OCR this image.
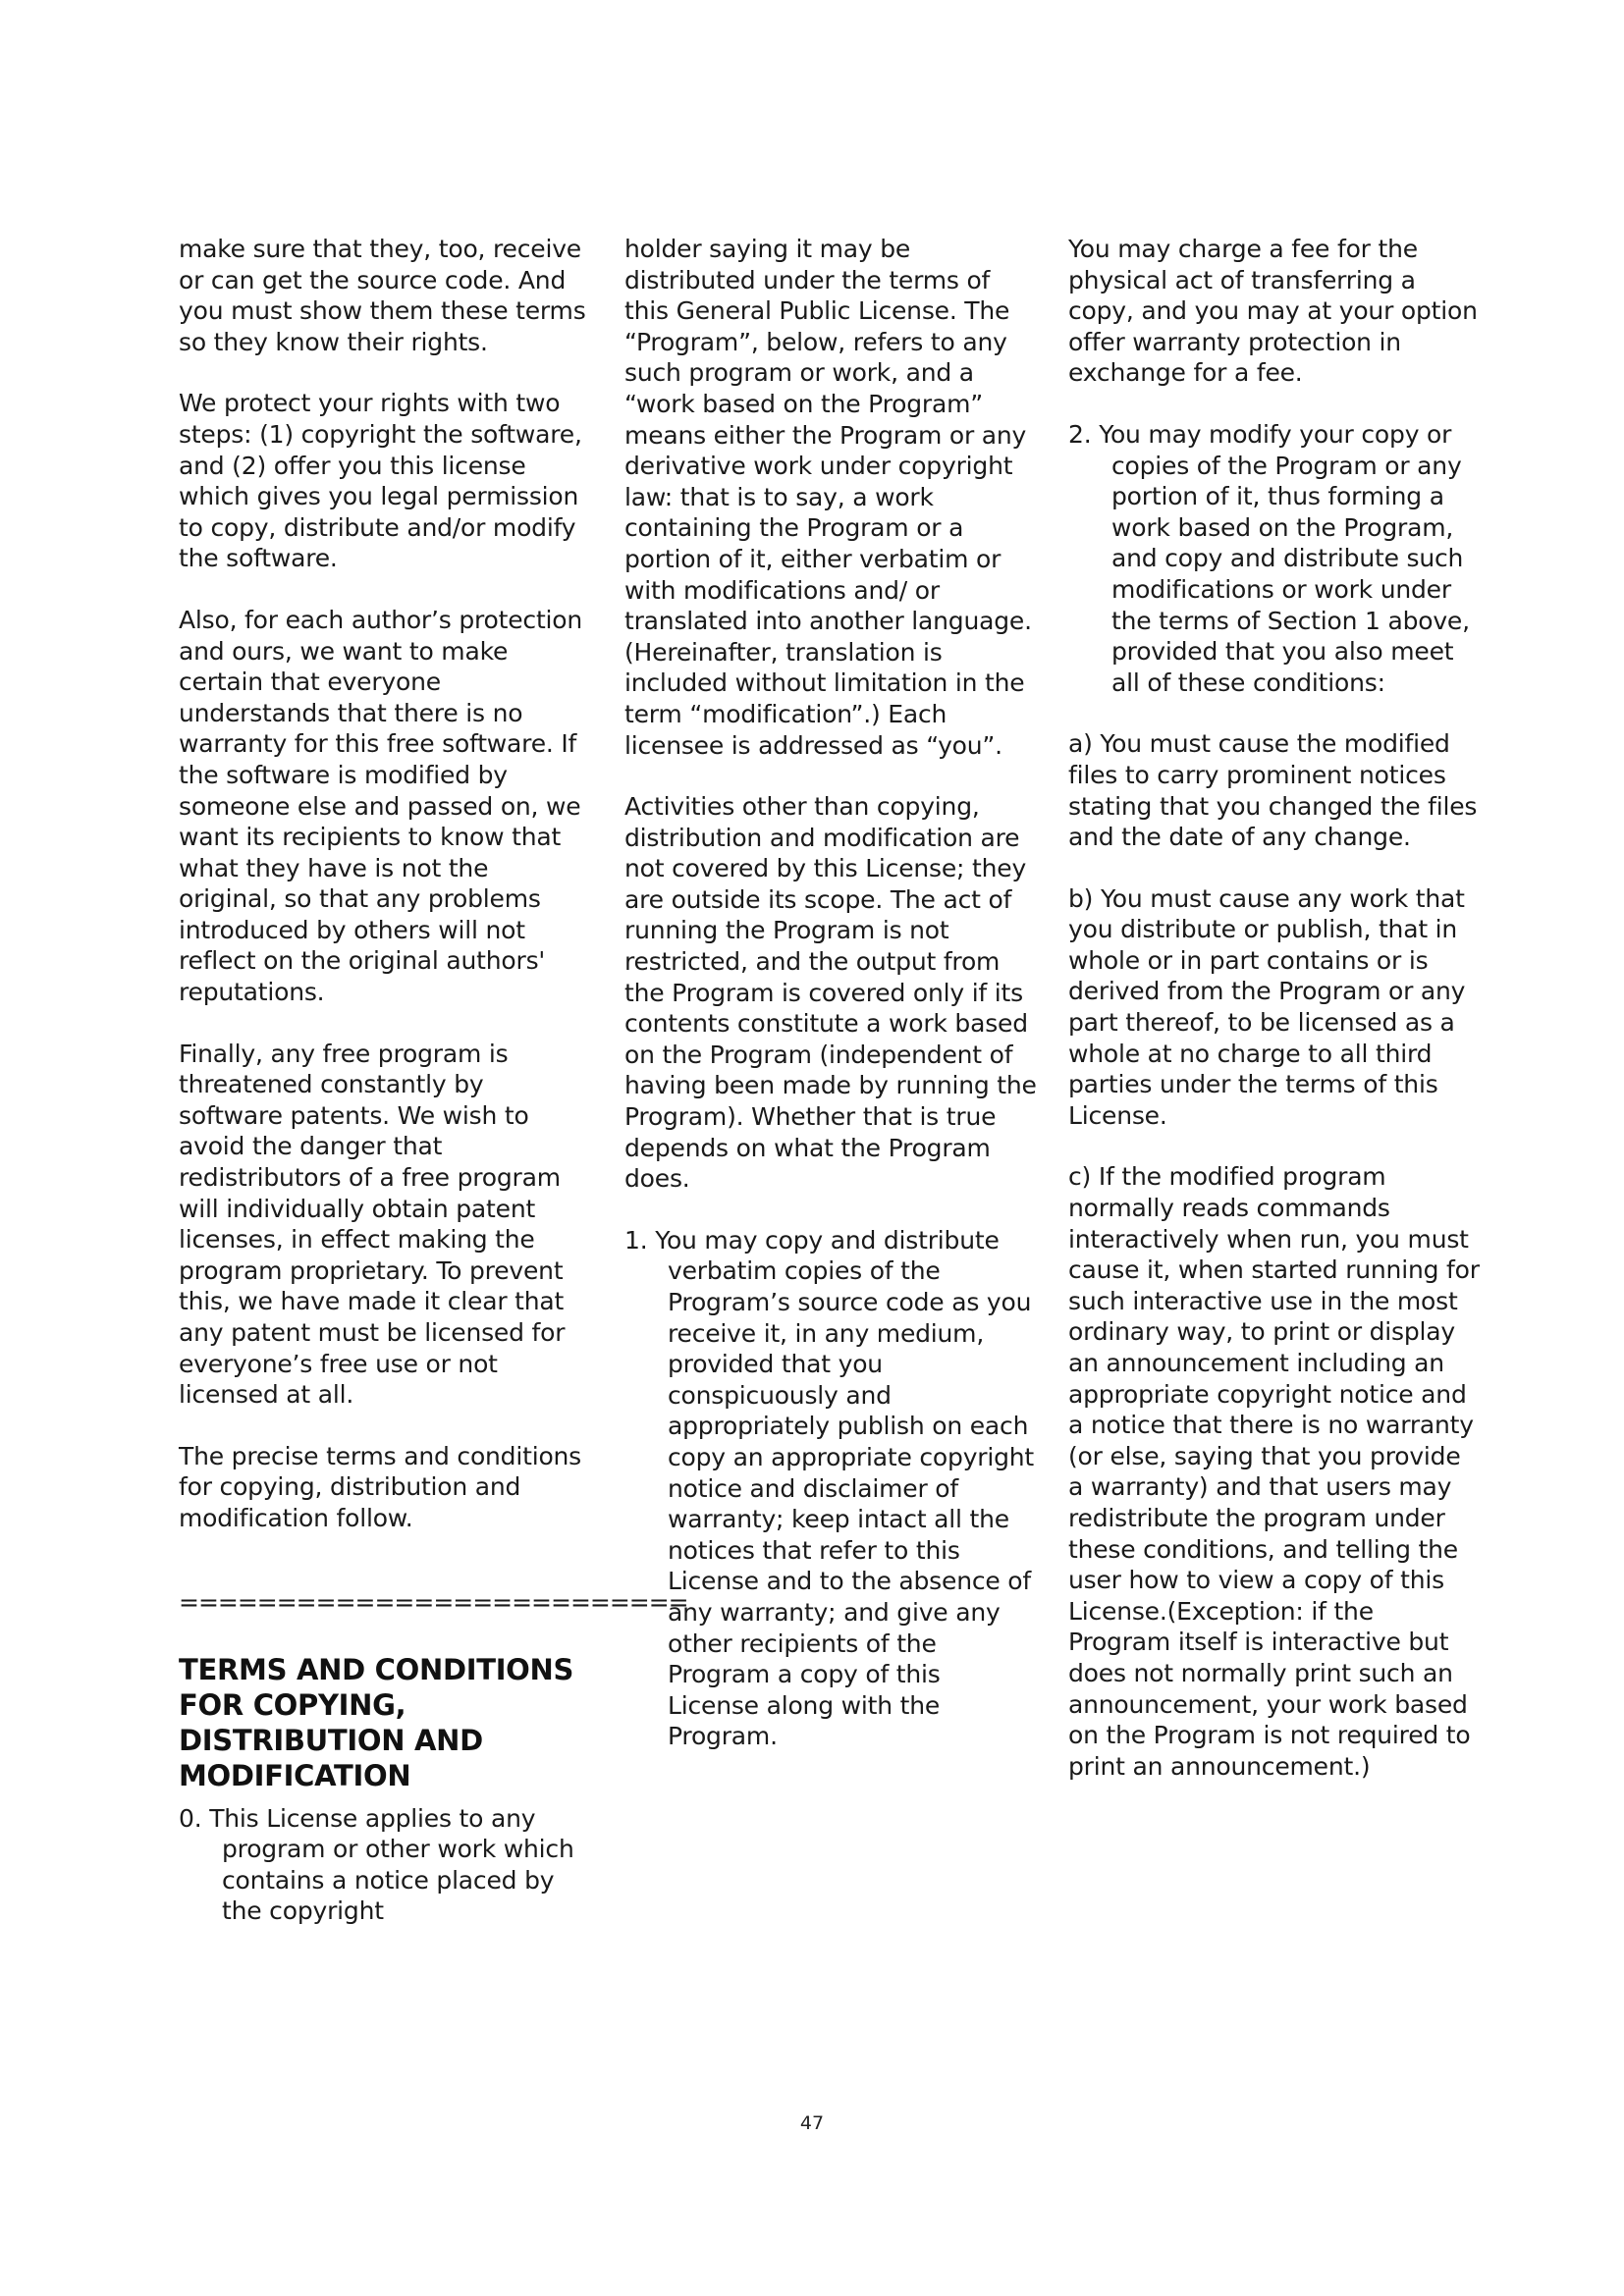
make sure that they, too, receive or can get the source code. And you must show them these terms so they know their rights.

We protect your rights with two steps: (1) copyright the software, and (2) offer you this license which gives you legal permission to copy, distribute and/or modify the software.

Also, for each author’s protection and ours, we want to make certain that everyone understands that there is no warranty for this free software. If the software is modified by someone else and passed on, we want its recipients to know that what they have is not the original, so that any problems introduced by others will not reflect on the original authors' reputations.

Finally, any free program is threatened constantly by software patents. We wish to avoid the danger that redistributors of a free program will individually obtain patent licenses, in effect making the program proprietary. To prevent this, we have made it clear that any patent must be licensed for everyone’s free use or not licensed at all.

The precise terms and conditions for copying, distribution and modification follow.

==========================
TERMS AND CONDITIONS FOR COPYING, DISTRIBUTION AND MODIFICATION

0. This License applies to any program or other work which contains a notice placed by the copyright

holder saying it may be distributed under the terms of this General Public License. The “Program”, below, refers to any such program or work, and a “work based on the Program” means either the Program or any derivative work under copyright law: that is to say, a work containing the Program or a portion of it, either verbatim or with modifications and/ or translated into another language. (Hereinafter, translation is included without limitation in the term “modification”.) Each licensee is addressed as “you”.

Activities other than copying, distribution and modification are not covered by this License; they are outside its scope. The act of running the Program is not restricted, and the output from the Program is covered only if its contents constitute a work based on the Program (independent of having been made by running the Program). Whether that is true depends on what the Program does.

1. You may copy and distribute verbatim copies of the Program’s source code as you receive it, in any medium, provided that you conspicuously and appropriately publish on each copy an appropriate copyright notice and disclaimer of warranty; keep intact all the notices that refer to this License and to the absence of any warranty; and give any other recipients of the Program a copy of this License along with the Program.

You may charge a fee for the physical act of transferring a copy, and you may at your option offer warranty protection in exchange for a fee.

2. You may modify your copy or copies of the Program or any portion of it, thus forming a work based on the Program, and copy and distribute such modifications or work under the terms of Section 1 above, provided that you also meet all of these conditions:

a) You must cause the modified files to carry prominent notices stating that you changed the files and the date of any change.

b) You must cause any work that you distribute or publish, that in whole or in part contains or is derived from the Program or any part thereof, to be licensed as a whole at no charge to all third parties under the terms of this License.

c) If the modified program normally reads commands interactively when run, you must cause it, when started running for such interactive use in the most ordinary way, to print or display an announcement including an appropriate copyright notice and a notice that there is no warranty (or else, saying that you provide a warranty) and that users may redistribute the program under these conditions, and telling the user how to view a copy of this License.(Exception: if the Program itself is interactive but does not normally print such an announcement, your work based on the Program is not required to print an announcement.)

47
